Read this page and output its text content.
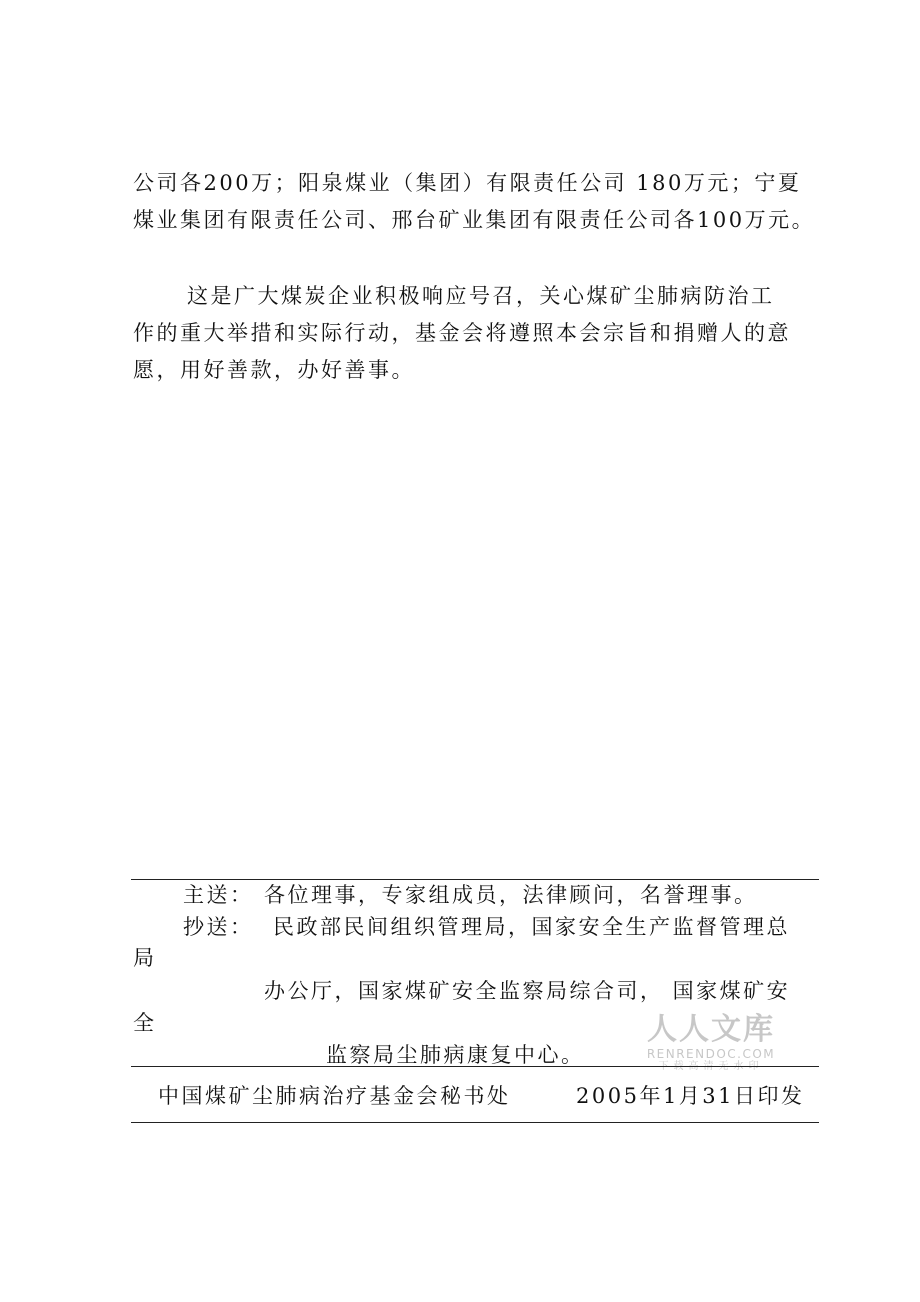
公司各200万；阳泉煤业（集团）有限责任公司 180万元；宁夏
煤业集团有限责任公司、邢台矿业集团有限责任公司各100万元。
这是广大煤炭企业积极响应号召，关心煤矿尘肺病防治工
作的重大举措和实际行动，基金会将遵照本会宗旨和捐赠人的意
愿，用好善款，办好善事。
主送： 各位理事，专家组成员，法律顾问，名誉理事。
抄送： 民政部民间组织管理局，国家安全生产监督管理总
局
办公厅，国家煤矿安全监察局综合司， 国家煤矿安
全
监察局尘肺病康复中心。
人人文库
RENRENDOC.COM
下载高清无水印
中国煤矿尘肺病治疗基金会秘书处	2005年1月31日印发
